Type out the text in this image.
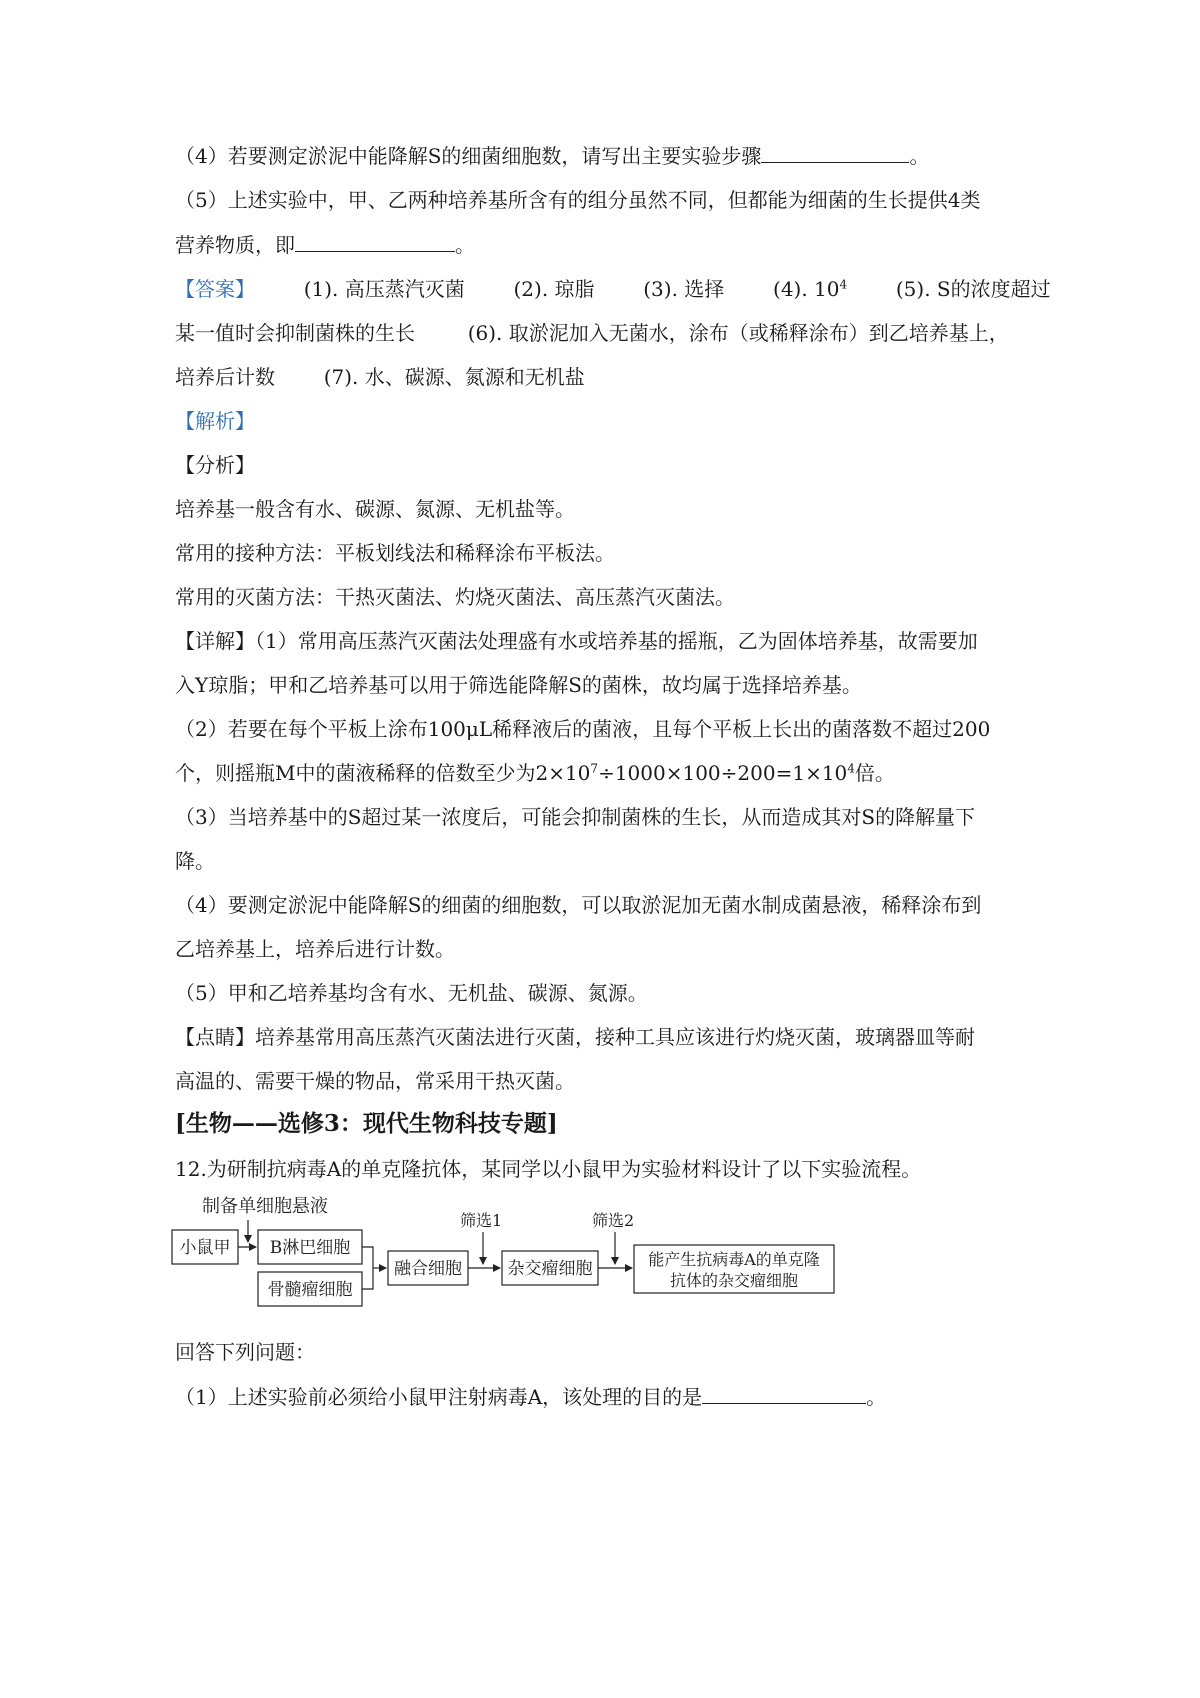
（4）若要测定淤泥中能降解S的细菌细胞数，请写出主要实验步骤	。
（5）上述实验中，甲、乙两种培养基所含有的组分虽然不同，但都能为细菌的生长提供4类
营养物质，即	。
【答案】 (1). 高压蒸汽灭菌 (2). 琼脂 (3). 选择 (4). $10^4$ (5). S的浓度超过
某一值时会抑制菌株的生长	(6). 取淤泥加入无菌水，涂布（或稀释涂布）到乙培养基上，
培养后计数 (7). 水、碳源、氮源和无机盐
【解析】
【分析】
培养基一般含有水、碳源、氮源、无机盐等。
常用的接种方法：平板划线法和稀释涂布平板法。
常用的灭菌方法：干热灭菌法、灼烧灭菌法、高压蒸汽灭菌法。
【详解】（1）常用高压蒸汽灭菌法处理盛有水或培养基的摇瓶，乙为固体培养基，故需要加
入Y琼脂；甲和乙培养基可以用于筛选能降解S的菌株，故均属于选择培养基。
（2）若要在每个平板上涂布100μL稀释液后的菌液，且每个平板上长出的菌落数不超过200
个，则摇瓶M中的菌液稀释的倍数至少为$2\times 10^7\div 1000\times 100\div 200=1\times 10^4$倍。
（3）当培养基中的S超过某一浓度后，可能会抑制菌株的生长，从而造成其对S的降解量下
降。
（4）要测定淤泥中能降解S的细菌的细胞数，可以取淤泥加无菌水制成菌悬液，稀释涂布到
乙培养基上，培养后进行计数。
（5）甲和乙培养基均含有水、无机盐、碳源、氮源。
【点睛】培养基常用高压蒸汽灭菌法进行灭菌，接种工具应该进行灼烧灭菌，玻璃器皿等耐
高温的、需要干燥的物品，常采用干热灭菌。
[生物——选修3：现代生物科技专题]
12.为研制抗病毒A的单克隆抗体，某同学以小鼠甲为实验材料设计了以下实验流程。
制备单细胞悬液
小鼠甲 B淋巴细胞
骨髓瘤细胞
融合细胞
筛选1
杂交瘤细胞
筛选2
能产生抗病毒A的单克隆
抗体的杂交瘤细胞
回答下列问题：
（1）上述实验前必须给小鼠甲注射病毒A，该处理的目的是	。
